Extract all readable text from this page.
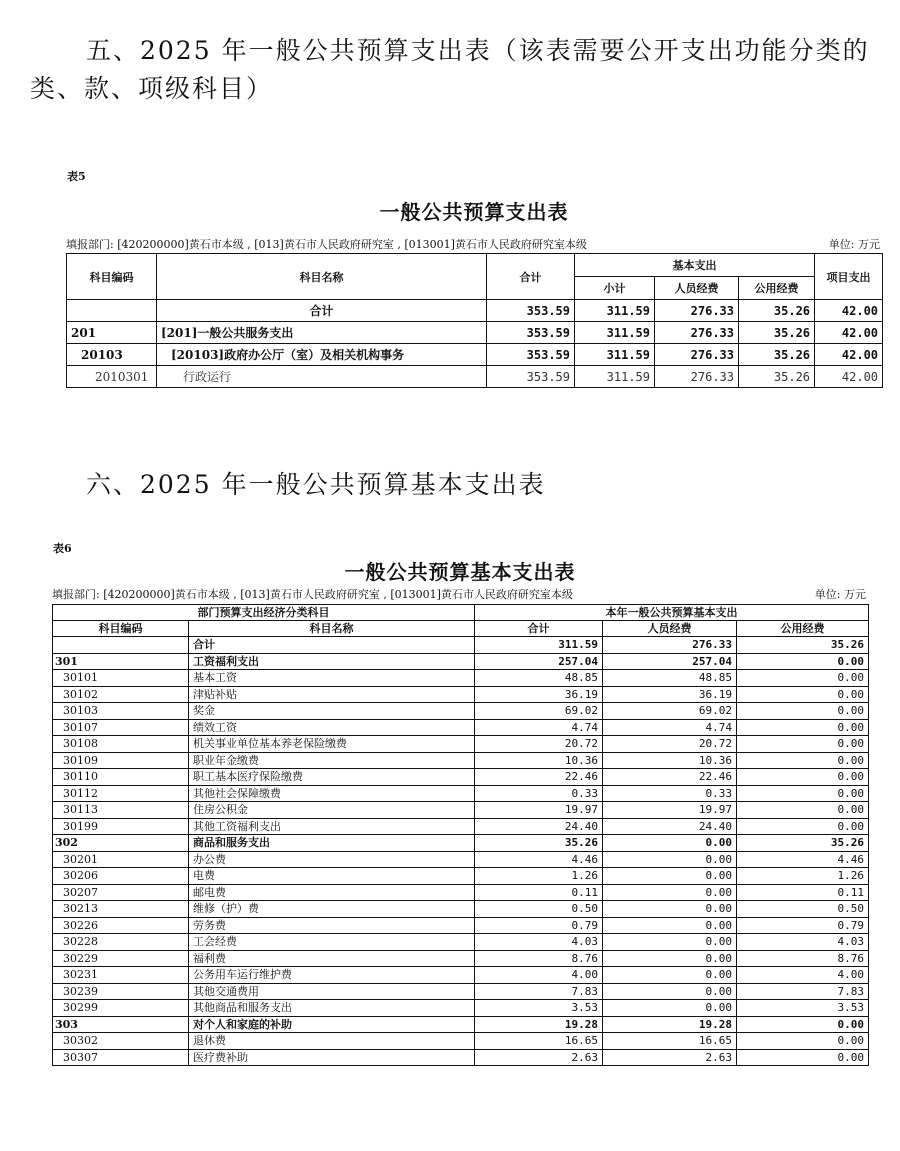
五、2025 年一般公共预算支出表（该表需要公开支出功能分类的类、款、项级科目）
表5
一般公共预算支出表
填报部门: [420200000]黄石市本级 , [013]黄石市人民政府研究室 , [013001]黄石市人民政府研究室本级	单位: 万元
科目编码	科目名称	合计	基本支出			项目支出
			小计	人员经费	公用经费	
	合计	353.59	311.59	276.33	35.26	42.00
201	[201]一般公共服务支出	353.59	311.59	276.33	35.26	42.00
20103	[20103]政府办公厅（室）及相关机构事务	353.59	311.59	276.33	35.26	42.00
2010301	行政运行	353.59	311.59	276.33	35.26	42.00
六、2025 年一般公共预算基本支出表
表6
一般公共预算基本支出表
填报部门: [420200000]黄石市本级 , [013]黄石市人民政府研究室 , [013001]黄石市人民政府研究室本级	单位: 万元
部门预算支出经济分类科目		本年一般公共预算基本支出		
科目编码	科目名称	合计	人员经费	公用经费
	合计	311.59	276.33	35.26
301	工资福利支出	257.04	257.04	0.00
30101	基本工资	48.85	48.85	0.00
30102	津贴补贴	36.19	36.19	0.00
30103	奖金	69.02	69.02	0.00
30107	绩效工资	4.74	4.74	0.00
30108	机关事业单位基本养老保险缴费	20.72	20.72	0.00
30109	职业年金缴费	10.36	10.36	0.00
30110	职工基本医疗保险缴费	22.46	22.46	0.00
30112	其他社会保障缴费	0.33	0.33	0.00
30113	住房公积金	19.97	19.97	0.00
30199	其他工资福利支出	24.40	24.40	0.00
302	商品和服务支出	35.26	0.00	35.26
30201	办公费	4.46	0.00	4.46
30206	电费	1.26	0.00	1.26
30207	邮电费	0.11	0.00	0.11
30213	维修（护）费	0.50	0.00	0.50
30226	劳务费	0.79	0.00	0.79
30228	工会经费	4.03	0.00	4.03
30229	福利费	8.76	0.00	8.76
30231	公务用车运行维护费	4.00	0.00	4.00
30239	其他交通费用	7.83	0.00	7.83
30299	其他商品和服务支出	3.53	0.00	3.53
303	对个人和家庭的补助	19.28	19.28	0.00
30302	退休费	16.65	16.65	0.00
30307	医疗费补助	2.63	2.63	0.00
